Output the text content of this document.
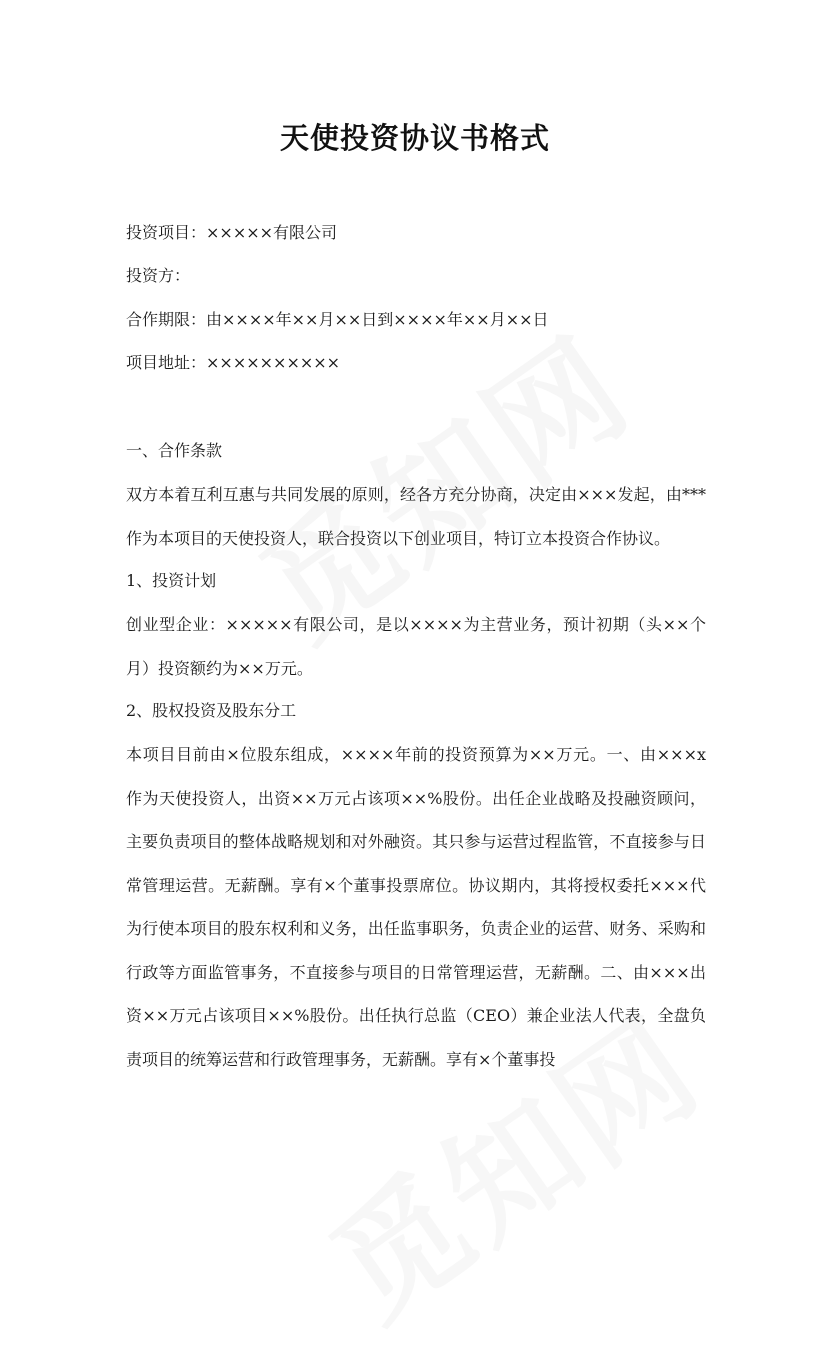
天使投资协议书格式
投资项目：×××××有限公司
投资方：
合作期限：由××××年××月××日到××××年××月××日
项目地址：××××××××××
一、合作条款
双方本着互利互惠与共同发展的原则，经各方充分协商，决定由×××发起，由***作为本项目的天使投资人，联合投资以下创业项目，特订立本投资合作协议。
1、投资计划
创业型企业：×××××有限公司，是以××××为主营业务，预计初期（头××个月）投资额约为××万元。
2、股权投资及股东分工
本项目目前由×位股东组成，××××年前的投资预算为××万元。一、由×××x 作为天使投资人，出资××万元占该项××%股份。出任企业战略及投融资顾问，主要负责项目的整体战略规划和对外融资。其只参与运营过程监管，不直接参与日常管理运营。无薪酬。享有×个董事投票席位。协议期内，其将授权委托×××代为行使本项目的股东权利和义务，出任监事职务，负责企业的运营、财务、采购和行政等方面监管事务，不直接参与项目的日常管理运营，无薪酬。二、由×××出资××万元占该项目××%股份。出任执行总监（CEO）兼企业法人代表，全盘负责项目的统筹运营和行政管理事务，无薪酬。享有×个董事投
